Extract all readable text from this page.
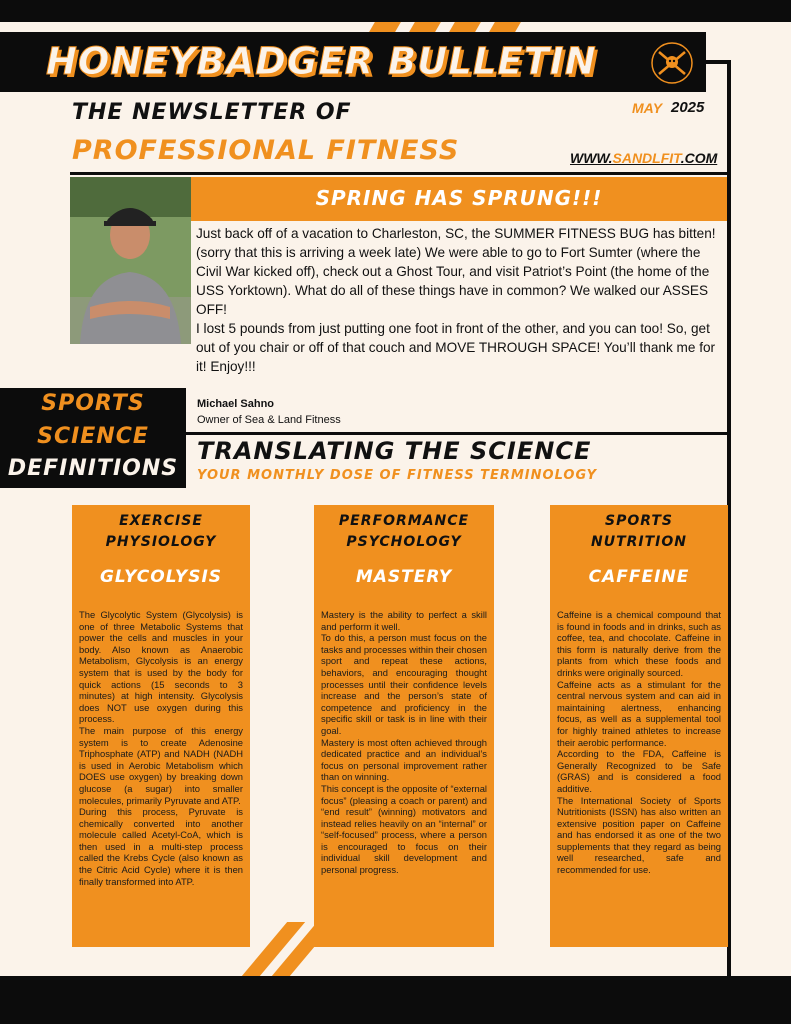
HONEYBADGER BULLETIN
THE NEWSLETTER OF
PROFESSIONAL FITNESS
MAY 2025
WWW.SANDLFIT.COM
SPRING HAS SPRUNG!!!

Just back off of a vacation to Charleston, SC, the SUMMER FITNESS BUG has bitten! (sorry that this is arriving a week late) We were able to go to Fort Sumter (where the Civil War kicked off), check out a Ghost Tour, and visit Patriot’s Point (the home of the USS Yorktown). What do all of these things have in common? We walked our ASSES OFF!

I lost 5 pounds from just putting one foot in front of the other, and you can too! So, get out of you chair or off of that couch and MOVE THROUGH SPACE! You’ll thank me for it! Enjoy!!!

SPORTS
SCIENCE
DEFINITIONS
Michael Sahno
Owner of Sea & Land Fitness
TRANSLATING THE SCIENCE
YOUR MONTHLY DOSE OF FITNESS TERMINOLOGY
EXERCISE
PHYSIOLOGY
GLYCOLYSIS

The Glycolytic System (Glycolysis) is one of three Metabolic Systems that power the cells and muscles in your body. Also known as Anaerobic Metabolism, Glycolysis is an energy system that is used by the body for quick actions (15 seconds to 3 minutes) at high intensity. Glycolysis does NOT use oxygen during this process.

The main purpose of this energy system is to create Adenosine Triphosphate (ATP) and NADH (NADH is used in Aerobic Metabolism which DOES use oxygen) by breaking down glucose (a sugar) into smaller molecules, primarily Pyruvate and ATP.

During this process, Pyruvate is chemically converted into another molecule called Acetyl-CoA, which is then used in a multi-step process called the Krebs Cycle (also known as the Citric Acid Cycle) where it is then finally transformed into ATP.

PERFORMANCE
PSYCHOLOGY
MASTERY

Mastery is the ability to perfect a skill and perform it well.

To do this, a person must focus on the tasks and processes within their chosen sport and repeat these actions, behaviors, and encouraging thought processes until their confidence levels increase and the person’s state of competence and proficiency in the specific skill or task is in line with their goal.

Mastery is most often achieved through dedicated practice and an individual’s focus on personal improvement rather than on winning.

This concept is the opposite of “external focus” (pleasing a coach or parent) and “end result” (winning) motivators and instead relies heavily on an “internal” or “self-focused” process, where a person is encouraged to focus on their individual skill development and personal progress.

SPORTS
NUTRITION
CAFFEINE

Caffeine is a chemical compound that is found in foods and in drinks, such as coffee, tea, and chocolate. Caffeine in this form is naturally derive from the plants from which these foods and drinks were originally sourced.

Caffeine acts as a stimulant for the central nervous system and can aid in maintaining alertness, enhancing focus, as well as a supplemental tool for highly trained athletes to increase their aerobic performance.

According to the FDA, Caffeine is Generally Recognized to be Safe (GRAS) and is considered a food additive.

The International Society of Sports Nutritionists (ISSN) has also written an extensive position paper on Caffeine and has endorsed it as one of the two supplements that they regard as being well researched, safe and recommended for use.
